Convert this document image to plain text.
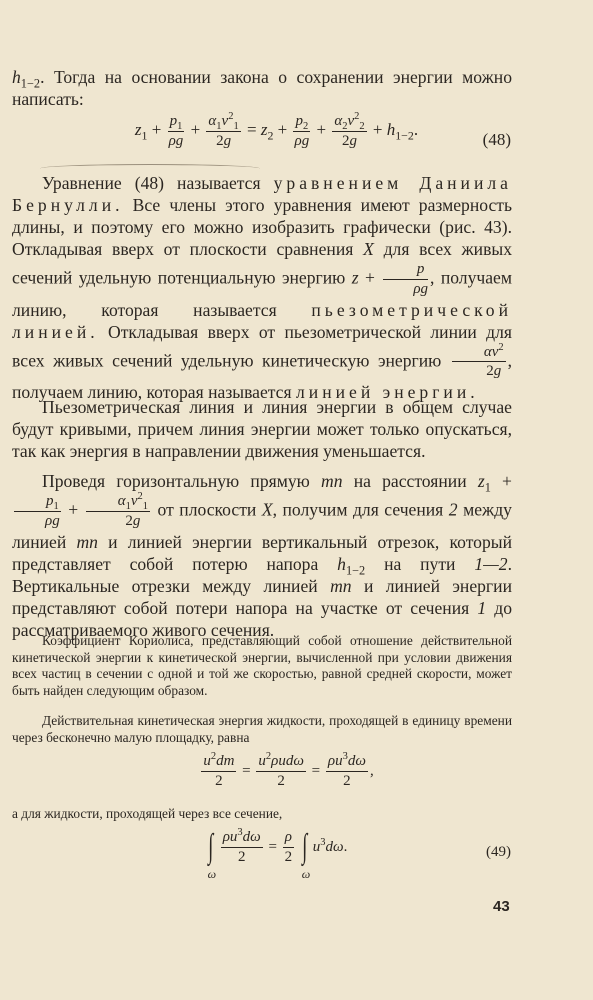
$h_{1-2}$. Тогда на основании закона о сохранении энергии можно написать:

$z_1 + \frac{p_1}{\rho g} + \frac{\alpha_1v^2_1}{2g} = z_2 + \frac{p_2}{\rho g} + \frac{\alpha_2v^2_2}{2g} + h_{1-2}$.
(48)

Уравнение (48) называется уравнением Даниила Бернулли. Все члены этого уравнения имеют размерность длины, и поэтому его можно изобразить графически (рис. 43). Откладывая вверх от плоскости сравнения X для всех живых сечений удельную потенциальную энергию $z + \frac{p}{\rho g}$ , получаем линию, которая называется пьезометрической линией. Откладывая вверх от пьезометрической линии для всех живых сечений удельную кинетическую энергию $\frac{\alpha v^2}{2g}$ , получаем линию, которая называется линией энергии.

Пьезометрическая линия и линия энергии в общем случае будут кривыми, причем линия энергии может только опускаться, так как энергия в направлении движения уменьшается.

Проведя горизонтальную прямую mn на расстоянии $z_1$ +
$\frac{p_1}{\rho g} + \frac{\alpha_1v^2_1}{2g}$ от плоскости X, получим для сечения 2 между линией mn и линией энергии вертикальный отрезок, который представляет собой потерю напора $h_{1-2}$ на пути 1—2. Вертикальные отрезки между линией mn и линией энергии представляют собой потери напора на участке от сечения 1 до рассматриваемого живого сечения.

Коэффициент Кориолиса, представляющий собой отношение действительной кинетической энергии к кинетической энергии, вычисленной при условии движения всех частиц в сечении с одной и той же скоростью, равной средней скорости, может быть найден следующим образом.

Действительная кинетическая энергия жидкости, проходящей в единицу времени через бесконечно малую площадку, равна

$\frac{u^2dm}{2}$ =
$u^2\rho ud\omega$
2
= $\frac{\rho u^3d\omega}{2}$ ,

а для жидкости, проходящей через все сечение,

∫
ω

$\frac{\rho u^3d\omega}{2} = \frac{\rho}{2}$ ∫
ω
$u^3d\omega$.	(49)
43
